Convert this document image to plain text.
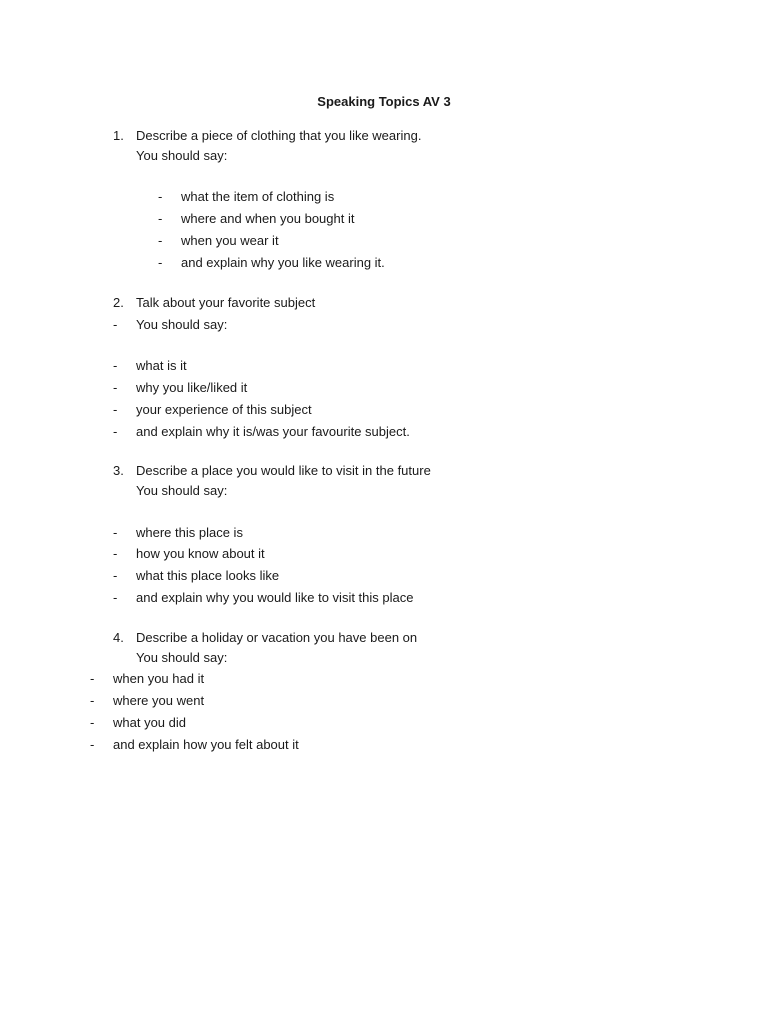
Speaking Topics AV 3
1. Describe a piece of clothing that you like wearing.
You should say:
- what the item of clothing is
- where and when you bought it
- when you wear it
- and explain why you like wearing it.
2. Talk about your favorite subject
- You should say:
- what is it
- why you like/liked it
- your experience of this subject
- and explain why it is/was your favourite subject.
3. Describe a place you would like to visit in the future
You should say:
- where this place is
- how you know about it
- what this place looks like
- and explain why you would like to visit this place
4. Describe a holiday or vacation you have been on
You should say:
- when you had it
- where you went
- what you did
- and explain how you felt about it
